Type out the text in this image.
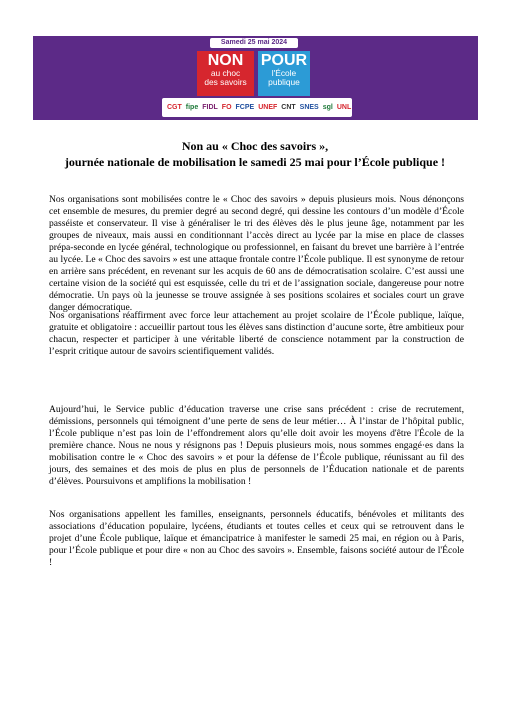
Samedi 25 mai 2024
NON
au choc
des savoirs
POUR
l'École
publique
CGT fipe FIDL FO FCPE UNEF CNT SNES sgl UNL
Non au « Choc des savoirs »,
journée nationale de mobilisation le samedi 25 mai pour l’École publique !
Nos organisations sont mobilisées contre le « Choc des savoirs » depuis plusieurs mois. Nous dénonçons cet ensemble de mesures, du premier degré au second degré, qui dessine les contours d’un modèle d’École passéiste et conservateur. Il vise à généraliser le tri des élèves dès le plus jeune âge, notamment par les groupes de niveaux, mais aussi en conditionnant l’accès direct au lycée par la mise en place de classes prépa-seconde en lycée général, technologique ou professionnel, en faisant du brevet une barrière à l’entrée au lycée. Le « Choc des savoirs » est une attaque frontale contre l’École publique. Il est synonyme de retour en arrière sans précédent, en revenant sur les acquis de 60 ans de démocratisation scolaire. C’est aussi une certaine vision de la société qui est esquissée, celle du tri et de l’assignation sociale, dangereuse pour notre démocratie. Un pays où la jeunesse se trouve assignée à ses positions scolaires et sociales court un grave danger démocratique.
Nos organisations réaffirment avec force leur attachement au projet scolaire de l’École publique, laïque, gratuite et obligatoire : accueillir partout tous les élèves sans distinction d’aucune sorte, être ambitieux pour chacun, respecter et participer à une véritable liberté de conscience notamment par la construction de l’esprit critique autour de savoirs scientifiquement validés.
Aujourd’hui, le Service public d’éducation traverse une crise sans précédent : crise de recrutement, démissions, personnels qui témoignent d’une perte de sens de leur métier… À l’instar de l’hôpital public, l’École publique n’est pas loin de l’effondrement alors qu’elle doit avoir les moyens d'être l'École de la première chance. Nous ne nous y résignons pas ! Depuis plusieurs mois, nous sommes engagé·es dans la mobilisation contre le « Choc des savoirs » et pour la défense de l’École publique, réunissant au fil des jours, des semaines et des mois de plus en plus de personnels de l’Éducation nationale et de parents d’élèves. Poursuivons et amplifions la mobilisation !
Nos organisations appellent les familles, enseignants, personnels éducatifs, bénévoles et militants des associations d’éducation populaire, lycéens, étudiants et toutes celles et ceux qui se retrouvent dans le projet d’une École publique, laïque et émancipatrice à manifester le samedi 25 mai, en région ou à Paris, pour l’École publique et pour dire « non au Choc des savoirs ». Ensemble, faisons société autour de l'École !
